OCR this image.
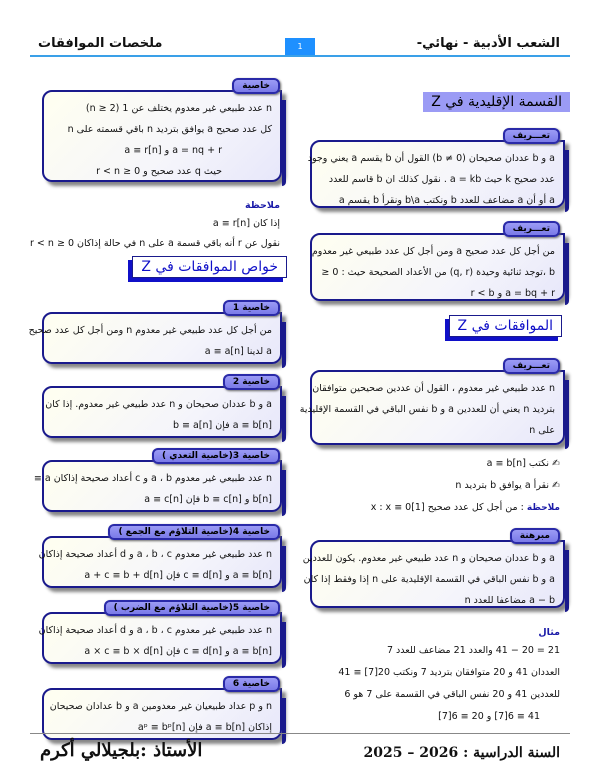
الشعب الأدبية - نهائي-
1
ملخصات الموافقات
القسمة الإقليدية في Z
a و b عددان صحيحان (b ≠ 0) القول أن b يقسم a يعني وجود
عدد صحيح k حيث a = kb . نقول كذلك ان b قاسم للعدد
a أو أن a مضاعف للعدد b ونكتب b\a ونقرأ b يقسم a
تعـــريف
من أجل كل عدد صحيح a ومن أجل كل عدد طبيعي غير معدوم
b ،توجد ثنائية وحيدة (q, r) من الأعداد الصحيحة حيث : 0 ≤
a = bq + r و r < b
تعـــريف
الموافقات في Z
n عدد طبيعي غير معدوم ، القول أن عددين صحيحين متوافقان
بترديد n يعني أن للعددين a و b نفس الباقي في القسمة الإقليدية
على n
تعـــريف
✍ نكتب a ≡ b[n]
✍ نقرأ a يوافق b بترديد n
ملاحظة : من أجل كل عدد صحيح x : x ≡ 0[1]
a و b عددان صحيحان و n عدد طبيعي غير معدوم. يكون للعددين
a و b نفس الباقي في القسمة الإقليدية على n إذا وفقط إذا كان
a − b مضاعفا للعدد n
مبرهنة
مثال
21 = 20 − 41 والعدد 21 مضاعف للعدد 7
العددان 41 و 20 متوافقان بترديد 7 ونكتب 20[7] ≡ 41
للعددين 41 و 20 نفس الباقي في القسمة على 7 هو 6
41 ≡ 6[7] و 20 ≡ 6[7]
n عدد طبيعي غير معدوم يختلف عن 1 (n ≥ 2)
كل عدد صحيح a يوافق بترديد n باقي قسمته على n
a = nq + r و a ≡ r[n]
حيث q عدد صحيح و 0 ≤ r < n
خاصية
ملاحظة
إذا كان a ≡ r[n]
نقول عن r أنه باقي قسمة a على n في حالة إذاكان 0 ≤ r < n
خواص الموافقات في Z
من أجل كل عدد طبيعي غير معدوم n ومن أجل كل عدد صحيح
a لدينا a ≡ a[n]
خاصية 1
a و b عددان صحيحان و n عدد طبيعي غير معدوم. إذا كان
a ≡ b[n] فإن b ≡ a[n]
خاصية 2
n عدد طبيعي غير معدوم a ، b و c أعداد صحيحة إذاكان a ≡
b[n] و b ≡ c[n] فإن a ≡ c[n]
خاصية 3(خاصية التعدي )
n عدد طبيعي غير معدوم a ، b ، c و d أعداد صحيحة إذاكان
a ≡ b[n] و c ≡ d[n] فإن a + c ≡ b + d[n]
خاصية 4(خاصية التلاؤم مع الجمع )
n عدد طبيعي غير معدوم a ، b ، c و d أعداد صحيحة إذاكان
a ≡ b[n] و c ≡ d[n] فإن a × c ≡ b × d[n]
خاصية 5(خاصية التلاؤم مع الضرب )
n و p عداد طبيعيان غير معدومين a و b عدادان صحيحان
إذاكان a ≡ b[n] فإن aᵖ ≡ bᵖ[n]
خاصية 6
السنة الدراسية : 2026 – 2025
الأستاذ :بلجيلالي أكرم
